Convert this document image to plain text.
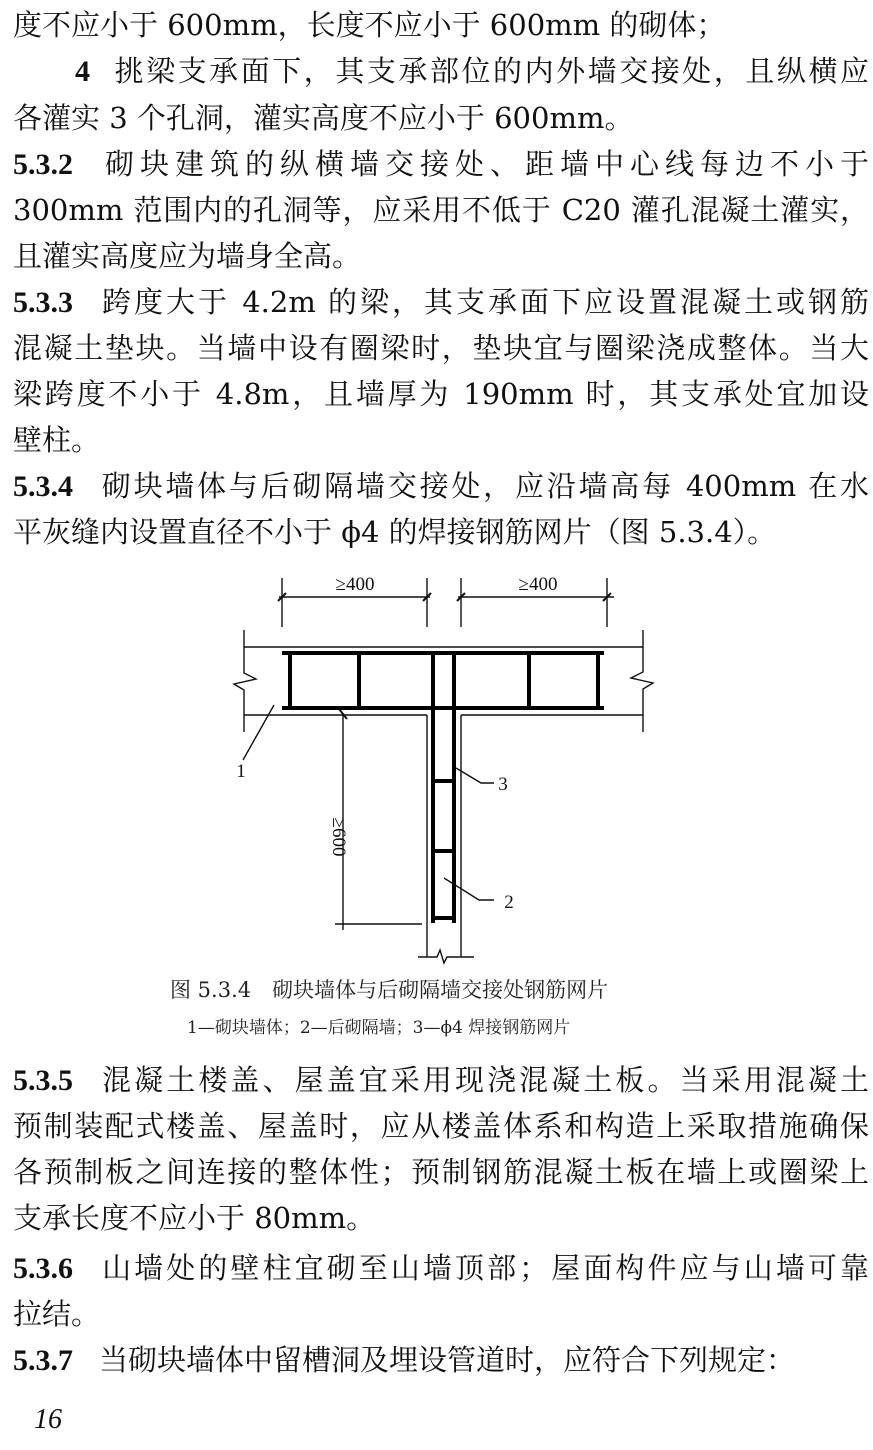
度不应小于 600mm，长度不应小于 600mm 的砌体；
4 挑梁支承面下，其支承部位的内外墙交接处，且纵横应
各灌实 3 个孔洞，灌实高度不应小于 600mm。
5.3.2 砌块建筑的纵横墙交接处、距墙中心线每边不小于
300mm 范围内的孔洞等，应采用不低于 C20 灌孔混凝土灌实，
且灌实高度应为墙身全高。
5.3.3 跨度大于 4.2m 的梁，其支承面下应设置混凝土或钢筋
混凝土垫块。当墙中设有圈梁时，垫块宜与圈梁浇成整体。当大
梁跨度不小于 4.8m，且墙厚为 190mm 时，其支承处宜加设
壁柱。
5.3.4 砌块墙体与后砌隔墙交接处，应沿墙高每 400mm 在水
平灰缝内设置直径不小于 ϕ4 的焊接钢筋网片（图 5.3.4）。
≥400	≥400
≥600
1
3
2
图 5.3.4　砌块墙体与后砌隔墙交接处钢筋网片
1—砌块墙体；2—后砌隔墙；3—ϕ4 焊接钢筋网片
5.3.5 混凝土楼盖、屋盖宜采用现浇混凝土板。当采用混凝土
预制装配式楼盖、屋盖时，应从楼盖体系和构造上采取措施确保
各预制板之间连接的整体性；预制钢筋混凝土板在墙上或圈梁上
支承长度不应小于 80mm。
5.3.6 山墙处的壁柱宜砌至山墙顶部；屋面构件应与山墙可靠
拉结。
5.3.7 当砌块墙体中留槽洞及埋设管道时，应符合下列规定：
16
